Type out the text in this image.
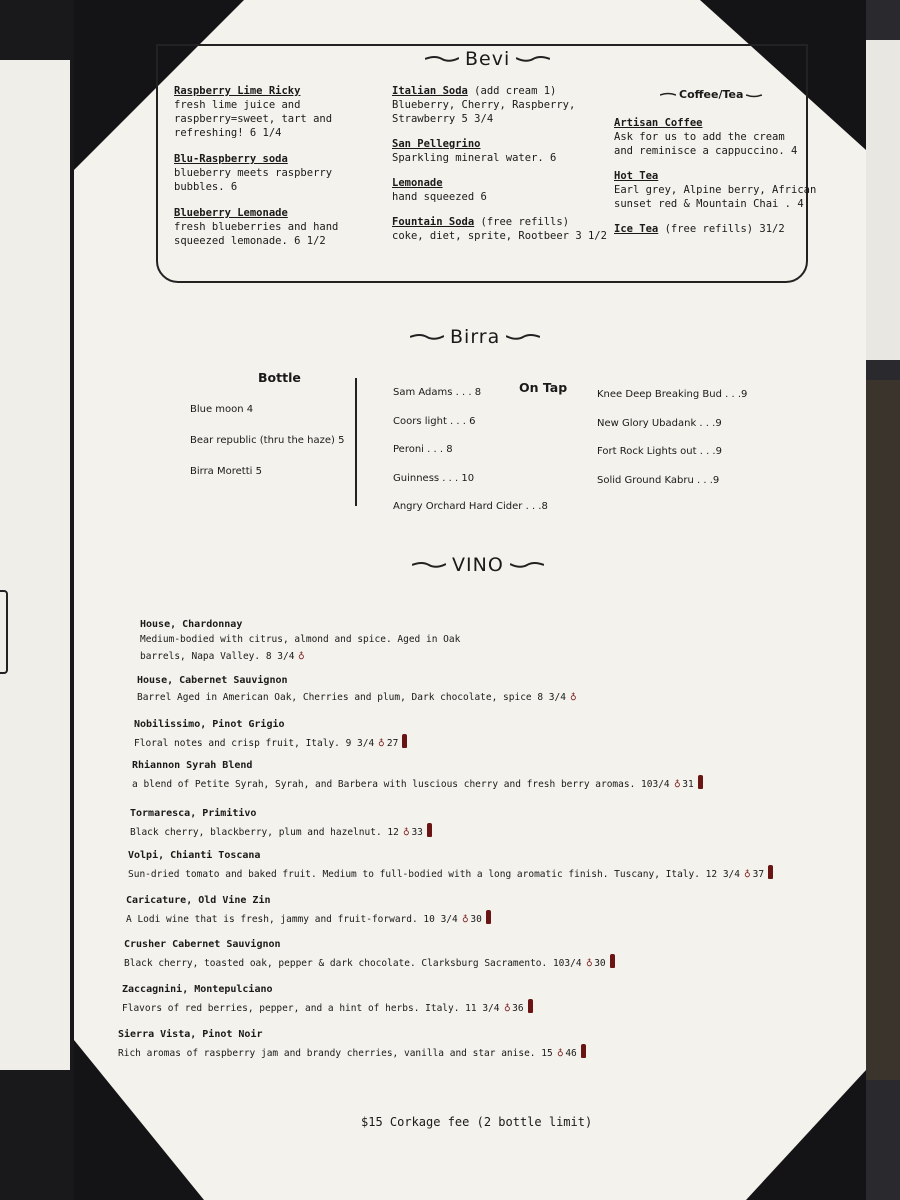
Bevi
Raspberry Lime Ricky
fresh lime juice and
raspberry=sweet, tart and
refreshing! 6 1/4
Blu-Raspberry soda
blueberry meets raspberry
bubbles. 6
Blueberry Lemonade
fresh blueberries and hand
squeezed lemonade. 6 1/2
Italian Soda (add cream 1)
Blueberry, Cherry, Raspberry,
Strawberry 5 3/4
San Pellegrino
Sparkling mineral water. 6
Lemonade
hand squeezed 6
Fountain Soda (free refills)
coke, diet, sprite, Rootbeer 3 1/2
Coffee/Tea
Artisan Coffee
Ask for us to add the cream
and reminisce a cappuccino. 4
Hot Tea
Earl grey, Alpine berry, African
sunset red & Mountain Chai . 4
Ice Tea (free refills) 31/2
Birra
Bottle
Blue moon 4
Bear republic (thru the haze) 5
Birra Moretti 5
On Tap
Sam Adams . . . 8
Coors light . . . 6
Peroni . . . 8
Guinness . . . 10
Angry Orchard Hard Cider . . .8
Knee Deep Breaking Bud . . .9
New Glory Ubadank . . .9
Fort Rock Lights out . . .9
Solid Ground Kabru . . .9
VINO
House, Chardonnay
Medium-bodied with citrus, almond and spice. Aged in Oak
barrels, Napa Valley. 8 3/4 ♀
House, Cabernet Sauvignon
Barrel Aged in American Oak, Cherries and plum, Dark chocolate, spice 8 3/4 ♀
Nobilissimo, Pinot Grigio
Floral notes and crisp fruit, Italy. 9 3/4 ♀ 27
Rhiannon Syrah Blend
a blend of Petite Syrah, Syrah, and Barbera with luscious cherry and fresh berry aromas. 103/4 ♀ 31
Tormaresca, Primitivo
Black cherry, blackberry, plum and hazelnut. 12 ♀ 33
Volpi, Chianti Toscana
Sun-dried tomato and baked fruit. Medium to full-bodied with a long aromatic finish. Tuscany, Italy. 12 3/4 ♀ 37
Caricature, Old Vine Zin
A Lodi wine that is fresh, jammy and fruit-forward. 10 3/4 ♀ 30
Crusher Cabernet Sauvignon
Black cherry, toasted oak, pepper & dark chocolate. Clarksburg Sacramento. 103/4 ♀ 30
Zaccagnini, Montepulciano
Flavors of red berries, pepper, and a hint of herbs. Italy. 11 3/4 ♀ 36
Sierra Vista, Pinot Noir
Rich aromas of raspberry jam and brandy cherries, vanilla and star anise. 15 ♀ 46
$15 Corkage fee (2 bottle limit)
